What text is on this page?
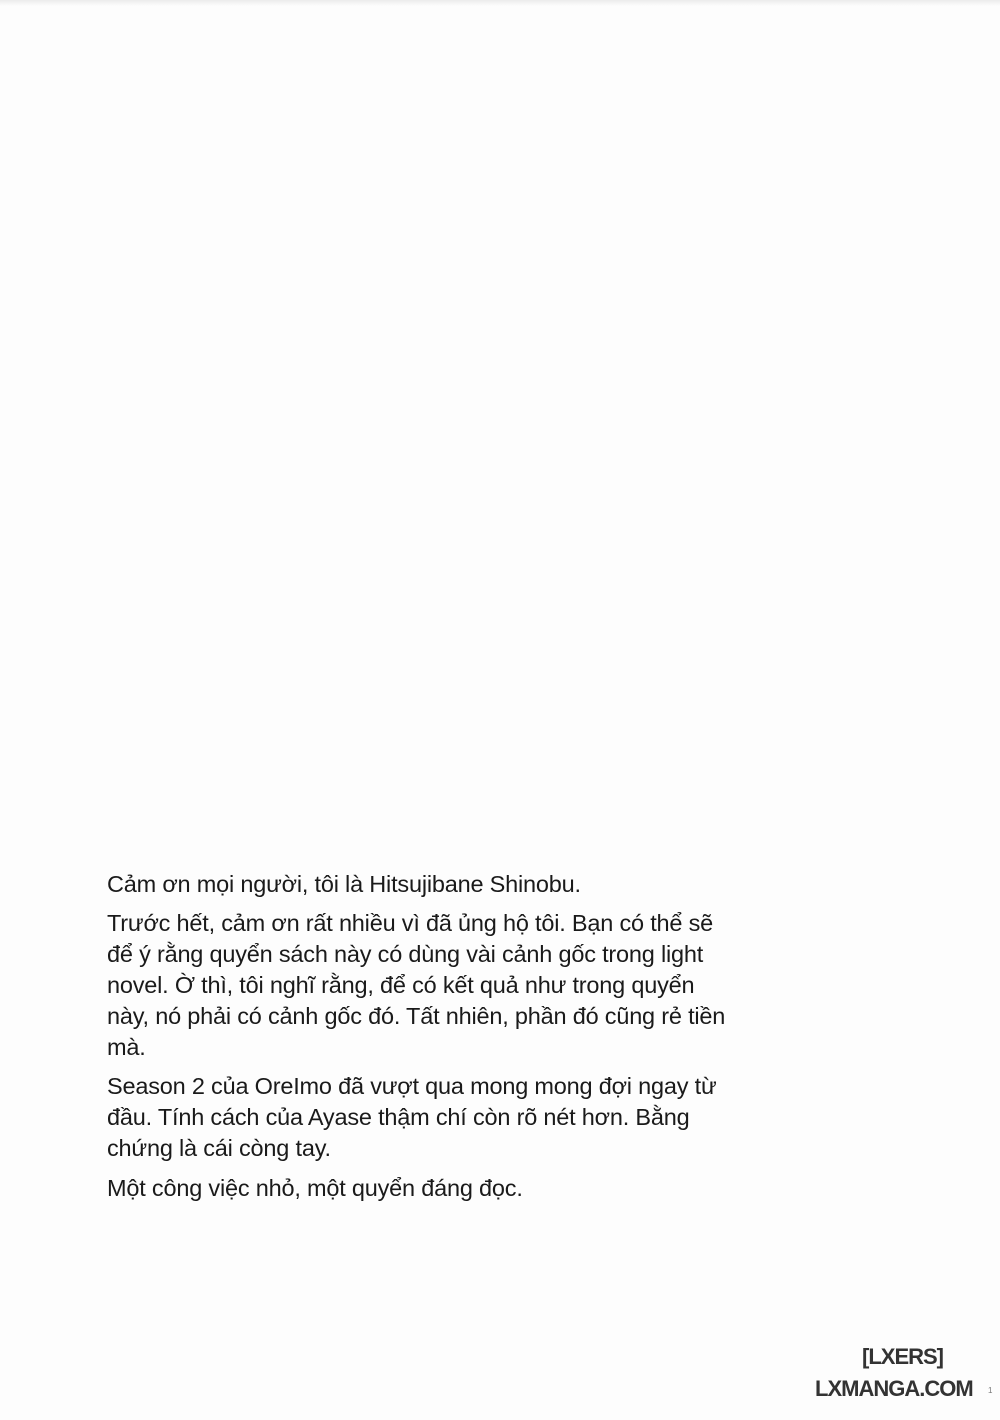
Cảm ơn mọi người, tôi là Hitsujibane Shinobu.
Trước hết, cảm ơn rất nhiều vì đã ủng hộ tôi. Bạn có thể sẽ
để ý rằng quyển sách này có dùng vài cảnh gốc trong light
novel. Ờ thì, tôi nghĩ rằng, để có kết quả như trong quyển
này, nó phải có cảnh gốc đó. Tất nhiên, phần đó cũng rẻ tiền
mà.
Season 2 của OreImo đã vượt qua mong mong đợi ngay từ
đầu. Tính cách của Ayase thậm chí còn rõ nét hơn. Bằng
chứng là cái còng tay.
Một công việc nhỏ, một quyển đáng đọc.
[LXERS]
LXMANGA.COM 1
